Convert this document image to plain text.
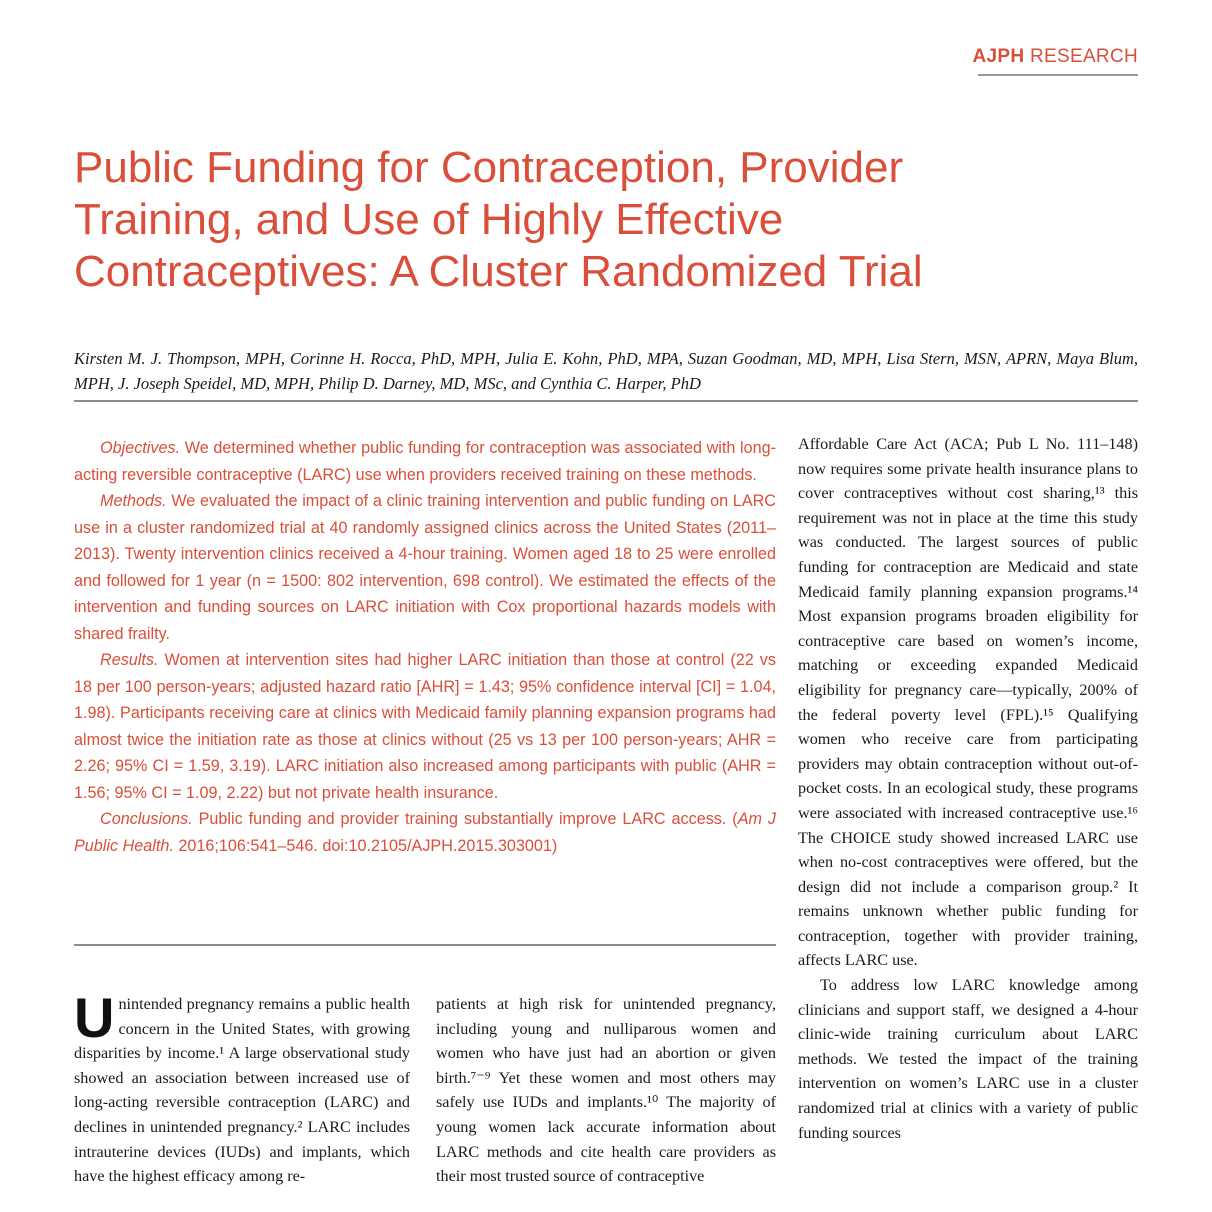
AJPH RESEARCH
Public Funding for Contraception, Provider Training, and Use of Highly Effective Contraceptives: A Cluster Randomized Trial

Kirsten M. J. Thompson, MPH, Corinne H. Rocca, PhD, MPH, Julia E. Kohn, PhD, MPA, Suzan Goodman, MD, MPH, Lisa Stern, MSN, APRN, Maya Blum, MPH, J. Joseph Speidel, MD, MPH, Philip D. Darney, MD, MSc, and Cynthia C. Harper, PhD

Objectives. We determined whether public funding for contraception was associated with long-acting reversible contraceptive (LARC) use when providers received training on these methods.

Methods. We evaluated the impact of a clinic training intervention and public funding on LARC use in a cluster randomized trial at 40 randomly assigned clinics across the United States (2011–2013). Twenty intervention clinics received a 4-hour training. Women aged 18 to 25 were enrolled and followed for 1 year (n = 1500: 802 intervention, 698 control). We estimated the effects of the intervention and funding sources on LARC initiation with Cox proportional hazards models with shared frailty.

Results. Women at intervention sites had higher LARC initiation than those at control (22 vs 18 per 100 person-years; adjusted hazard ratio [AHR] = 1.43; 95% confidence interval [CI] = 1.04, 1.98). Participants receiving care at clinics with Medicaid family planning expansion programs had almost twice the initiation rate as those at clinics without (25 vs 13 per 100 person-years; AHR = 2.26; 95% CI = 1.59, 3.19). LARC initiation also increased among participants with public (AHR = 1.56; 95% CI = 1.09, 2.22) but not private health insurance.

Conclusions. Public funding and provider training substantially improve LARC access. (Am J Public Health. 2016;106:541–546. doi:10.2105/AJPH.2015.303001)

Unintended pregnancy remains a public health concern in the United States, with growing disparities by income.¹ A large observational study showed an association between increased use of long-acting reversible contraception (LARC) and declines in unintended pregnancy.² LARC includes intrauterine devices (IUDs) and implants, which have the highest efficacy among re-

patients at high risk for unintended pregnancy, including young and nulliparous women and women who have just had an abortion or given birth.⁷⁻⁹ Yet these women and most others may safely use IUDs and implants.¹⁰ The majority of young women lack accurate information about LARC methods and cite health care providers as their most trusted source of contraceptive

Affordable Care Act (ACA; Pub L No. 111–148) now requires some private health insurance plans to cover contraceptives without cost sharing,¹³ this requirement was not in place at the time this study was conducted. The largest sources of public funding for contraception are Medicaid and state Medicaid family planning expansion programs.¹⁴ Most expansion programs broaden eligibility for contraceptive care based on women’s income, matching or exceeding expanded Medicaid eligibility for pregnancy care—typically, 200% of the federal poverty level (FPL).¹⁵ Qualifying women who receive care from participating providers may obtain contraception without out-of-pocket costs. In an ecological study, these programs were associated with increased contraceptive use.¹⁶ The CHOICE study showed increased LARC use when no-cost contraceptives were offered, but the design did not include a comparison group.² It remains unknown whether public funding for contraception, together with provider training, affects LARC use.

To address low LARC knowledge among clinicians and support staff, we designed a 4-hour clinic-wide training curriculum about LARC methods. We tested the impact of the training intervention on women’s LARC use in a cluster randomized trial at clinics with a variety of public funding sources
